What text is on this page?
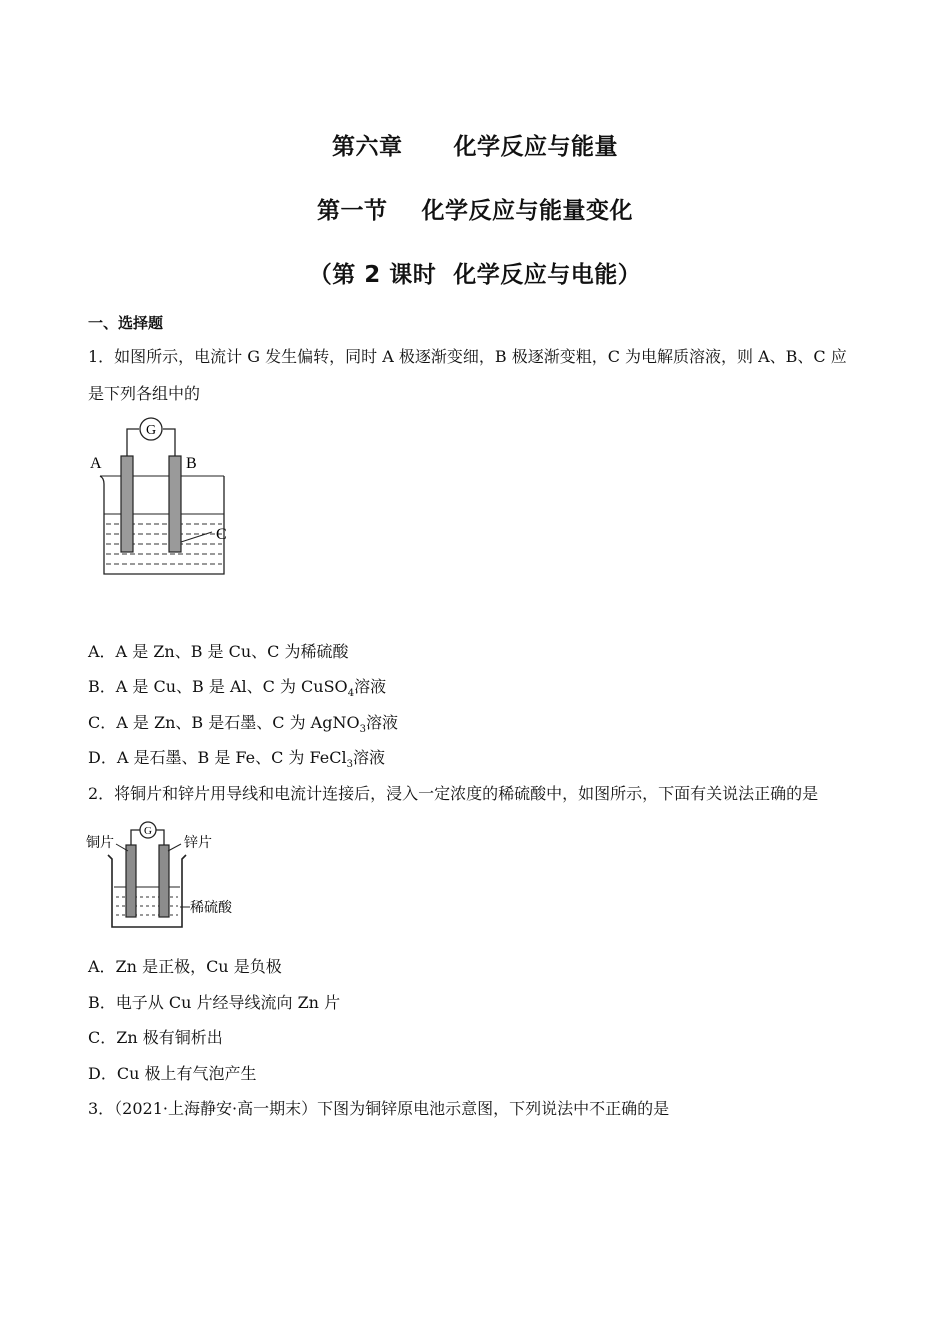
第六章      化学反应与能量
第一节    化学反应与能量变化
（第 2 课时  化学反应与电能）
一、选择题
1．如图所示，电流计 G 发生偏转，同时 A 极逐渐变细，B 极逐渐变粗，C 为电解质溶液，则 A、B、C 应
是下列各组中的
G
A	B
C
A．A 是 Zn、B 是 Cu、C 为稀硫酸
B．A 是 Cu、B 是 Al、C 为 CuSO$_4$溶液
C．A 是 Zn、B 是石墨、C 为 AgNO$_3$溶液
D．A 是石墨、B 是 Fe、C 为 FeCl$_3$溶液
2．将铜片和锌片用导线和电流计连接后，浸入一定浓度的稀硫酸中，如图所示，下面有关说法正确的是
G
铜片	锌片
稀硫酸
A．Zn 是正极，Cu 是负极
B．电子从 Cu 片经导线流向 Zn 片
C．Zn 极有铜析出
D．Cu 极上有气泡产生
3．（2021·上海静安·高一期末）下图为铜锌原电池示意图，下列说法中不正确的是
